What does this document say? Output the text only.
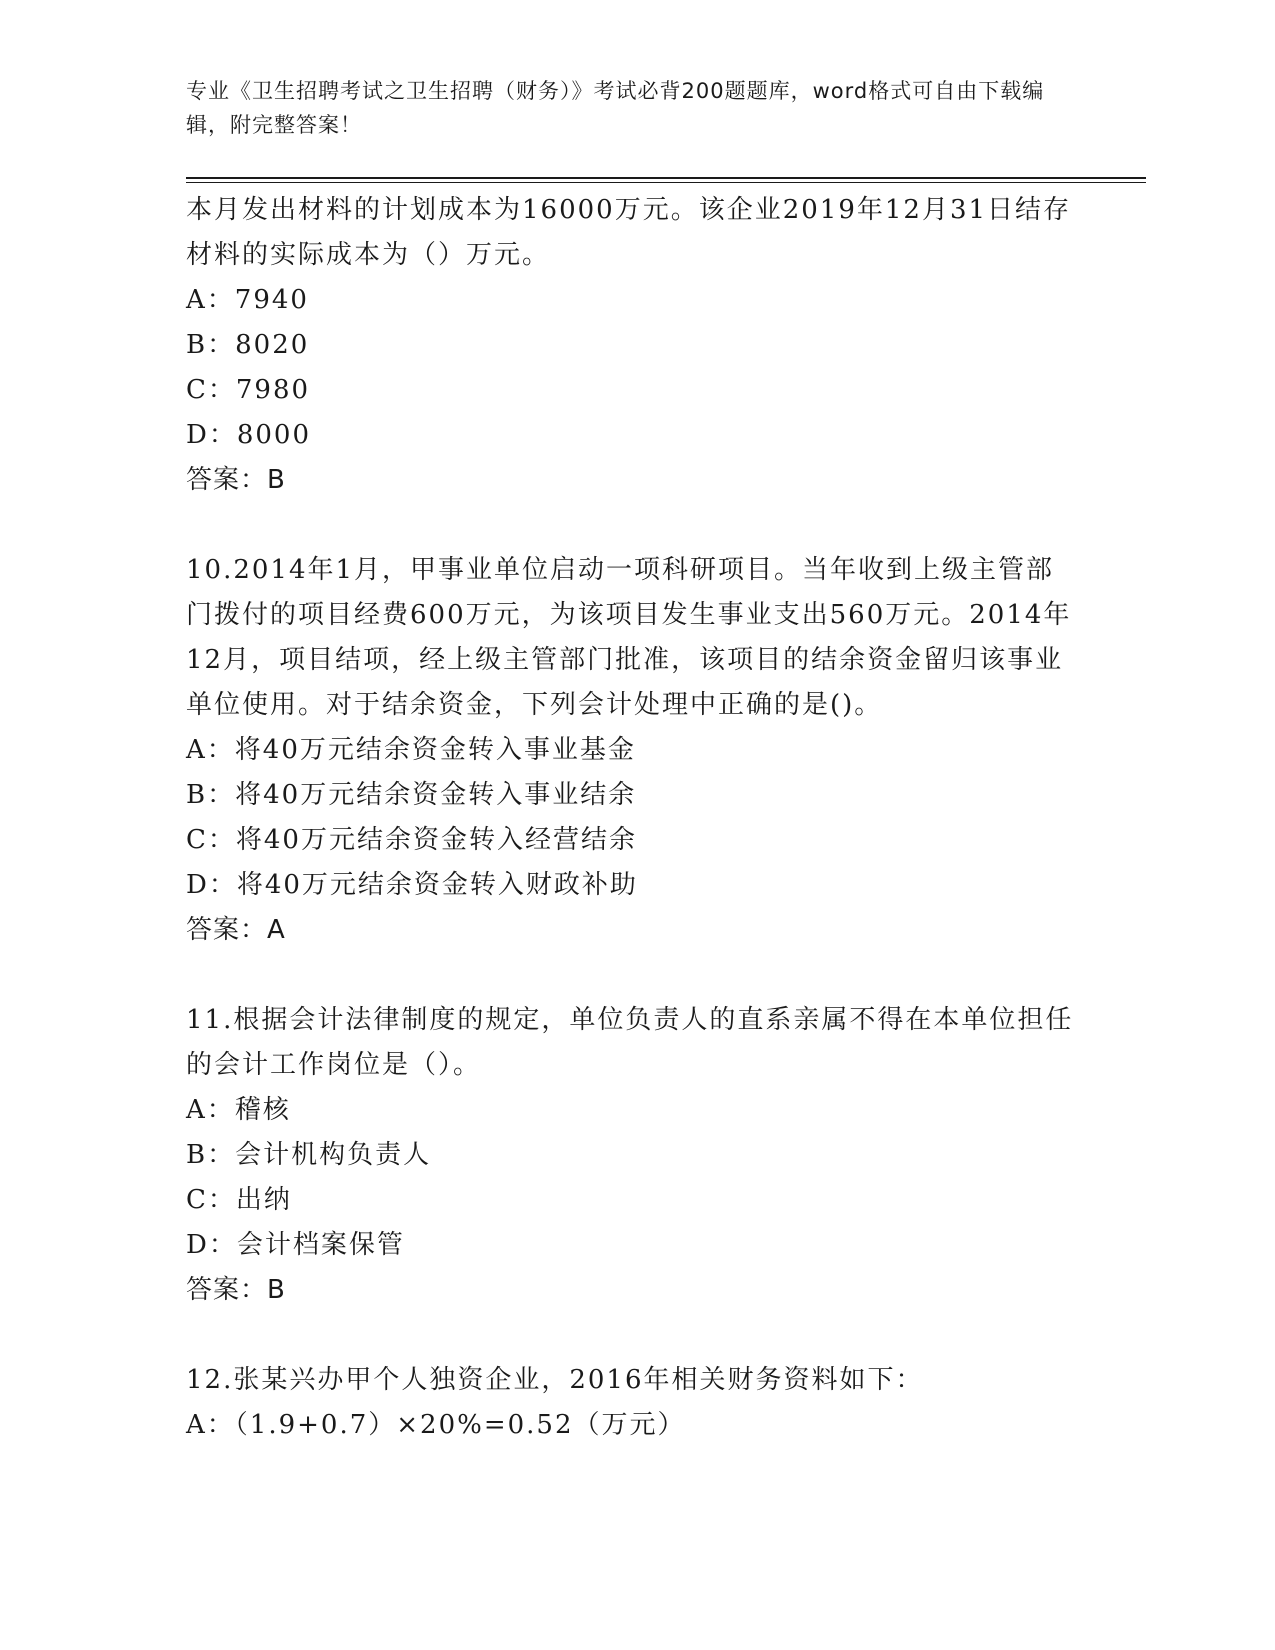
专业《卫生招聘考试之卫生招聘（财务）》考试必背200题题库，word格式可自由下载编辑，附完整答案！

本月发出材料的计划成本为16000万元。该企业2019年12月31日结存材料的实际成本为（）万元。

A：7940

B：8020

C：7980

D：8000

答案：B

10.2014年1月，甲事业单位启动一项科研项目。当年收到上级主管部门拨付的项目经费600万元，为该项目发生事业支出560万元。2014年12月，项目结项，经上级主管部门批准，该项目的结余资金留归该事业单位使用。对于结余资金，下列会计处理中正确的是()。

A：将40万元结余资金转入事业基金

B：将40万元结余资金转入事业结余

C：将40万元结余资金转入经营结余

D：将40万元结余资金转入财政补助

答案：A

11.根据会计法律制度的规定，单位负责人的直系亲属不得在本单位担任的会计工作岗位是（）。

A：稽核

B：会计机构负责人

C：出纳

D：会计档案保管

答案：B

12.张某兴办甲个人独资企业，2016年相关财务资料如下：

A：（1.9+0.7）×20%=0.52（万元）
